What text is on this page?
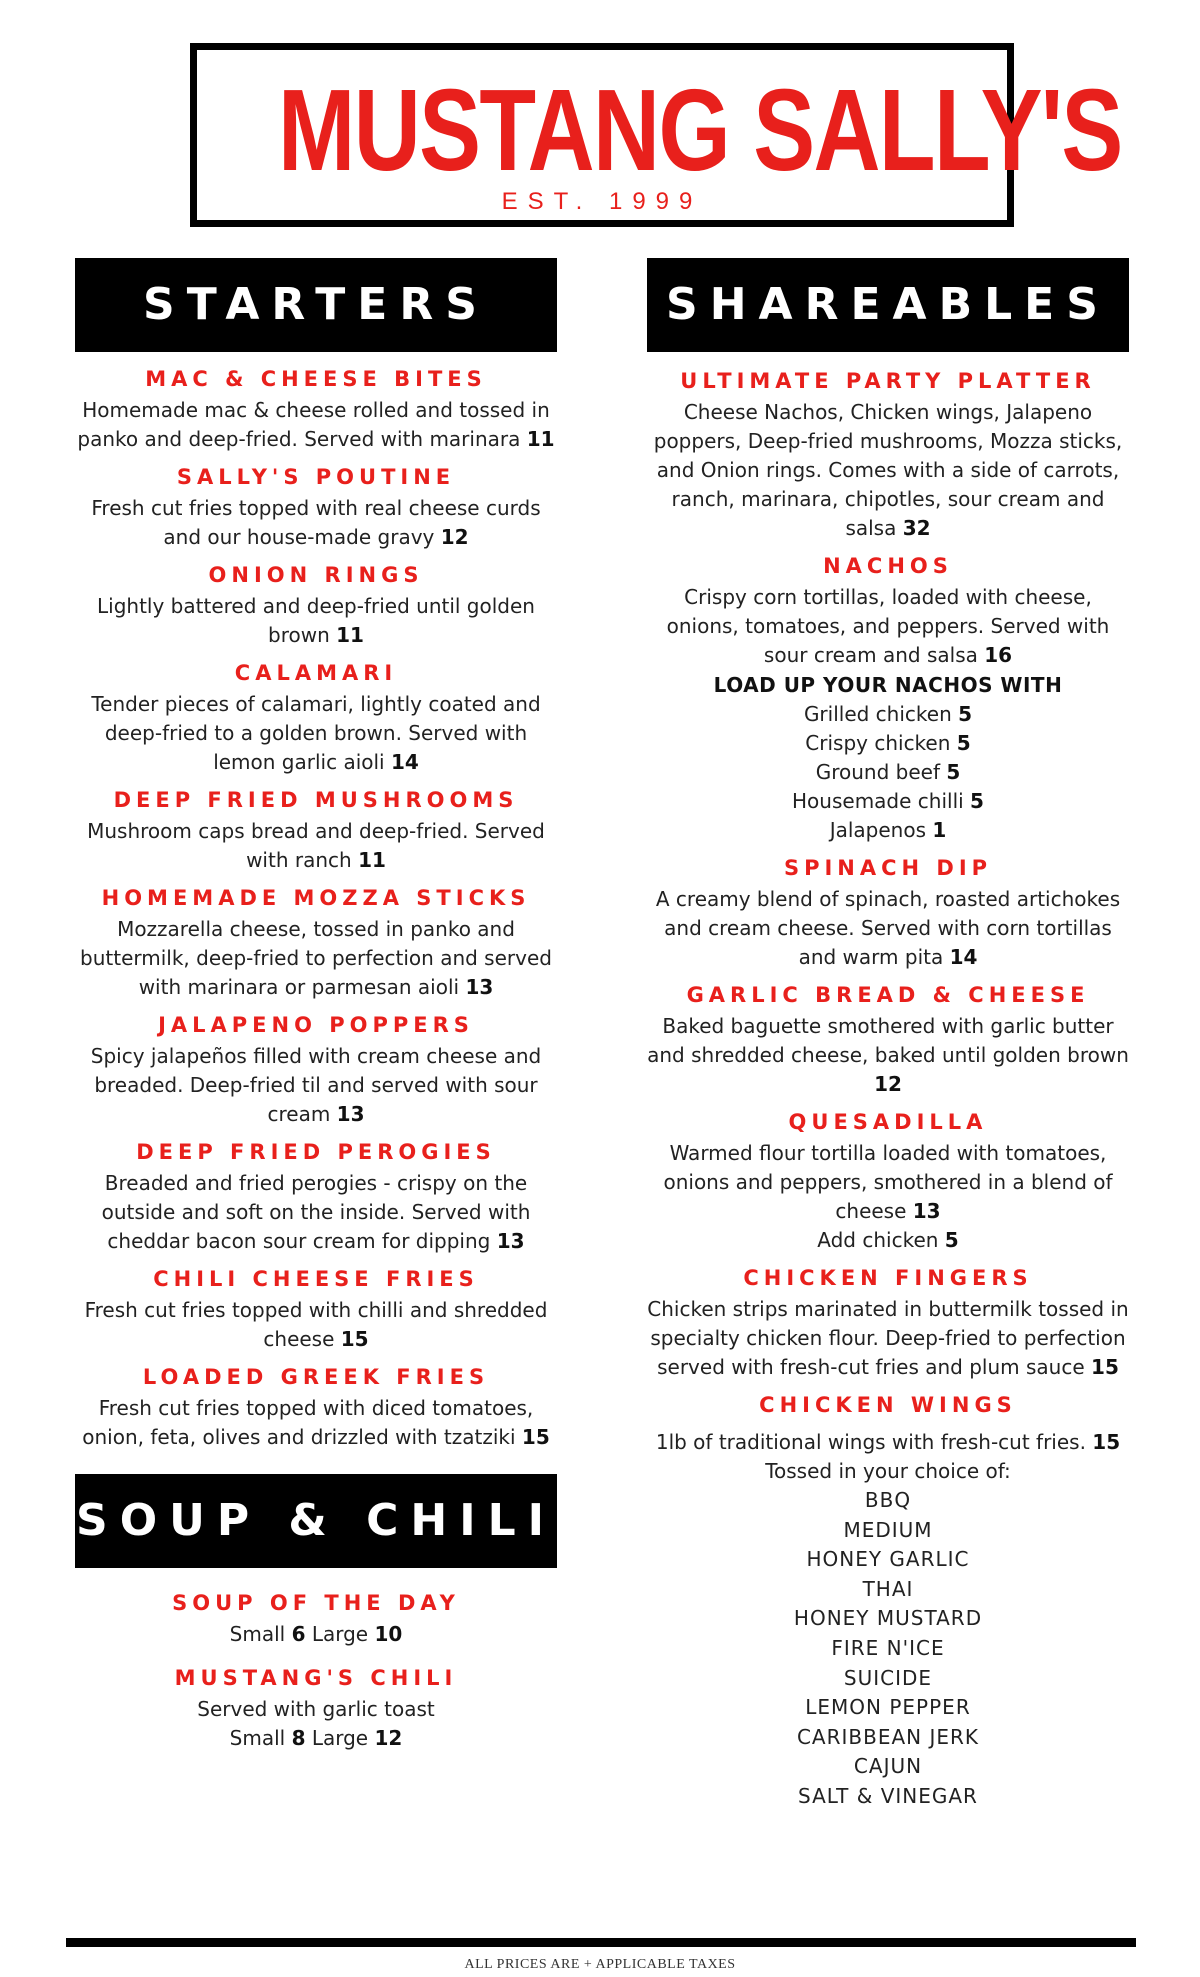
MUSTANG SALLY'S
EST. 1999
STARTERS
MAC & CHEESE BITES
Homemade mac & cheese rolled and tossed in panko and deep-fried. Served with marinara 11
SALLY'S POUTINE
Fresh cut fries topped with real cheese curds and our house-made gravy 12
ONION RINGS
Lightly battered and deep-fried until golden brown 11
CALAMARI
Tender pieces of calamari, lightly coated and deep-fried to a golden brown. Served with lemon garlic aioli 14
DEEP FRIED MUSHROOMS
Mushroom caps bread and deep-fried. Served with ranch 11
HOMEMADE MOZZA STICKS
Mozzarella cheese, tossed in panko and buttermilk, deep-fried to perfection and served with marinara or parmesan aioli 13
JALAPENO POPPERS
Spicy jalapeños filled with cream cheese and breaded. Deep-fried til and served with sour cream 13
DEEP FRIED PEROGIES
Breaded and fried perogies - crispy on the outside and soft on the inside. Served with cheddar bacon sour cream for dipping 13
CHILI CHEESE FRIES
Fresh cut fries topped with chilli and shredded cheese 15
LOADED GREEK FRIES
Fresh cut fries topped with diced tomatoes, onion, feta, olives and drizzled with tzatziki 15
SOUP & CHILI
SOUP OF THE DAY
Small 6 Large 10
MUSTANG'S CHILI
Served with garlic toast
Small 8 Large 12
SHAREABLES
ULTIMATE PARTY PLATTER
Cheese Nachos, Chicken wings, Jalapeno poppers, Deep-fried mushrooms, Mozza sticks, and Onion rings. Comes with a side of carrots, ranch, marinara, chipotles, sour cream and salsa 32
NACHOS
Crispy corn tortillas, loaded with cheese, onions, tomatoes, and peppers. Served with sour cream and salsa 16
LOAD UP YOUR NACHOS WITH
Grilled chicken 5
Crispy chicken 5
Ground beef 5
Housemade chilli 5
Jalapenos 1
SPINACH DIP
A creamy blend of spinach, roasted artichokes and cream cheese. Served with corn tortillas and warm pita 14
GARLIC BREAD & CHEESE
Baked baguette smothered with garlic butter and shredded cheese, baked until golden brown 12
QUESADILLA
Warmed flour tortilla loaded with tomatoes, onions and peppers, smothered in a blend of cheese 13
Add chicken 5
CHICKEN FINGERS
Chicken strips marinated in buttermilk tossed in specialty chicken flour. Deep-fried to perfection served with fresh-cut fries and plum sauce 15
CHICKEN WINGS
1lb of traditional wings with fresh-cut fries. 15
Tossed in your choice of:
BBQ
MEDIUM
HONEY GARLIC
THAI
HONEY MUSTARD
FIRE N'ICE
SUICIDE
LEMON PEPPER
CARIBBEAN JERK
CAJUN
SALT & VINEGAR
ALL PRICES ARE + APPLICABLE TAXES
